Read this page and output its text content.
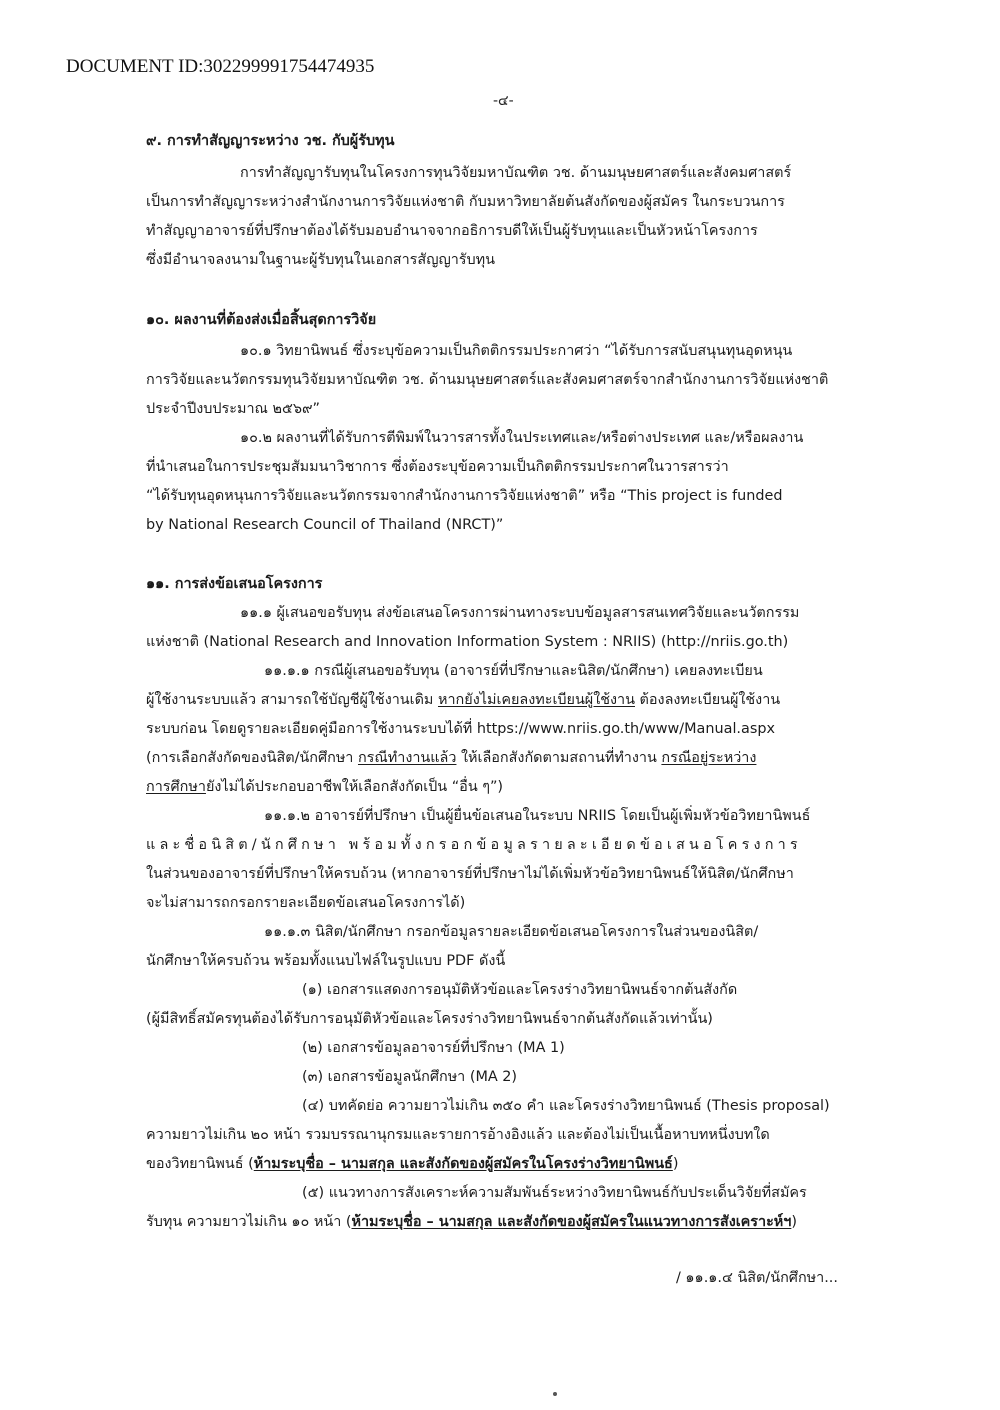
DOCUMENT ID:302299991754474935
-๔-
๙. การทำสัญญาระหว่าง วช. กับผู้รับทุน
การทำสัญญารับทุนในโครงการทุนวิจัยมหาบัณฑิต วช. ด้านมนุษยศาสตร์และสังคมศาสตร์
เป็นการทำสัญญาระหว่างสำนักงานการวิจัยแห่งชาติ กับมหาวิทยาลัยต้นสังกัดของผู้สมัคร ในกระบวนการ
ทำสัญญาอาจารย์ที่ปรึกษาต้องได้รับมอบอำนาจจากอธิการบดีให้เป็นผู้รับทุนและเป็นหัวหน้าโครงการ
ซึ่งมีอำนาจลงนามในฐานะผู้รับทุนในเอกสารสัญญารับทุน
๑๐. ผลงานที่ต้องส่งเมื่อสิ้นสุดการวิจัย
๑๐.๑ วิทยานิพนธ์ ซึ่งระบุข้อความเป็นกิตติกรรมประกาศว่า “ได้รับการสนับสนุนทุนอุดหนุน
การวิจัยและนวัตกรรมทุนวิจัยมหาบัณฑิต วช. ด้านมนุษยศาสตร์และสังคมศาสตร์จากสำนักงานการวิจัยแห่งชาติ
ประจำปีงบประมาณ ๒๕๖๙”
๑๐.๒ ผลงานที่ได้รับการตีพิมพ์ในวารสารทั้งในประเทศและ/หรือต่างประเทศ และ/หรือผลงาน
ที่นำเสนอในการประชุมสัมมนาวิชาการ ซึ่งต้องระบุข้อความเป็นกิตติกรรมประกาศในวารสารว่า
“ได้รับทุนอุดหนุนการวิจัยและนวัตกรรมจากสำนักงานการวิจัยแห่งชาติ” หรือ “This project is funded
by National Research Council of Thailand (NRCT)”
๑๑. การส่งข้อเสนอโครงการ
๑๑.๑ ผู้เสนอขอรับทุน ส่งข้อเสนอโครงการผ่านทางระบบข้อมูลสารสนเทศวิจัยและนวัตกรรม
แห่งชาติ (National Research and Innovation Information System : NRIIS) (http://nriis.go.th)
๑๑.๑.๑ กรณีผู้เสนอขอรับทุน (อาจารย์ที่ปรึกษาและนิสิต/นักศึกษา) เคยลงทะเบียน
ผู้ใช้งานระบบแล้ว สามารถใช้บัญชีผู้ใช้งานเดิม หากยังไม่เคยลงทะเบียนผู้ใช้งาน ต้องลงทะเบียนผู้ใช้งาน
ระบบก่อน โดยดูรายละเอียดคู่มือการใช้งานระบบได้ที่ https://www.nriis.go.th/www/Manual.aspx
(การเลือกสังกัดของนิสิต/นักศึกษา กรณีทำงานแล้ว ให้เลือกสังกัดตามสถานที่ทำงาน กรณีอยู่ระหว่าง
การศึกษายังไม่ได้ประกอบอาชีพให้เลือกสังกัดเป็น “อื่น ๆ”)
๑๑.๑.๒ อาจารย์ที่ปรึกษา เป็นผู้ยื่นข้อเสนอในระบบ NRIIS โดยเป็นผู้เพิ่มหัวข้อวิทยานิพนธ์
และชื่อนิสิต/นักศึกษา พร้อมทั้งกรอกข้อมูลรายละเอียดข้อเสนอโครงการ
ในส่วนของอาจารย์ที่ปรึกษาให้ครบถ้วน (หากอาจารย์ที่ปรึกษาไม่ได้เพิ่มหัวข้อวิทยานิพนธ์ให้นิสิต/นักศึกษา
จะไม่สามารถกรอกรายละเอียดข้อเสนอโครงการได้)
๑๑.๑.๓ นิสิต/นักศึกษา กรอกข้อมูลรายละเอียดข้อเสนอโครงการในส่วนของนิสิต/
นักศึกษาให้ครบถ้วน พร้อมทั้งแนบไฟล์ในรูปแบบ PDF ดังนี้
(๑) เอกสารแสดงการอนุมัติหัวข้อและโครงร่างวิทยานิพนธ์จากต้นสังกัด
(ผู้มีสิทธิ์สมัครทุนต้องได้รับการอนุมัติหัวข้อและโครงร่างวิทยานิพนธ์จากต้นสังกัดแล้วเท่านั้น)
(๒) เอกสารข้อมูลอาจารย์ที่ปรึกษา (MA 1)
(๓) เอกสารข้อมูลนักศึกษา (MA 2)
(๔) บทคัดย่อ ความยาวไม่เกิน ๓๕๐ คำ และโครงร่างวิทยานิพนธ์ (Thesis proposal)
ความยาวไม่เกิน ๒๐ หน้า รวมบรรณานุกรมและรายการอ้างอิงแล้ว และต้องไม่เป็นเนื้อหาบทหนึ่งบทใด
ของวิทยานิพนธ์ (ห้ามระบุชื่อ – นามสกุล และสังกัดของผู้สมัครในโครงร่างวิทยานิพนธ์)
(๕) แนวทางการสังเคราะห์ความสัมพันธ์ระหว่างวิทยานิพนธ์กับประเด็นวิจัยที่สมัคร
รับทุน ความยาวไม่เกิน ๑๐ หน้า (ห้ามระบุชื่อ – นามสกุล และสังกัดของผู้สมัครในแนวทางการสังเคราะห์ฯ)
/ ๑๑.๑.๔ นิสิต/นักศึกษา...
